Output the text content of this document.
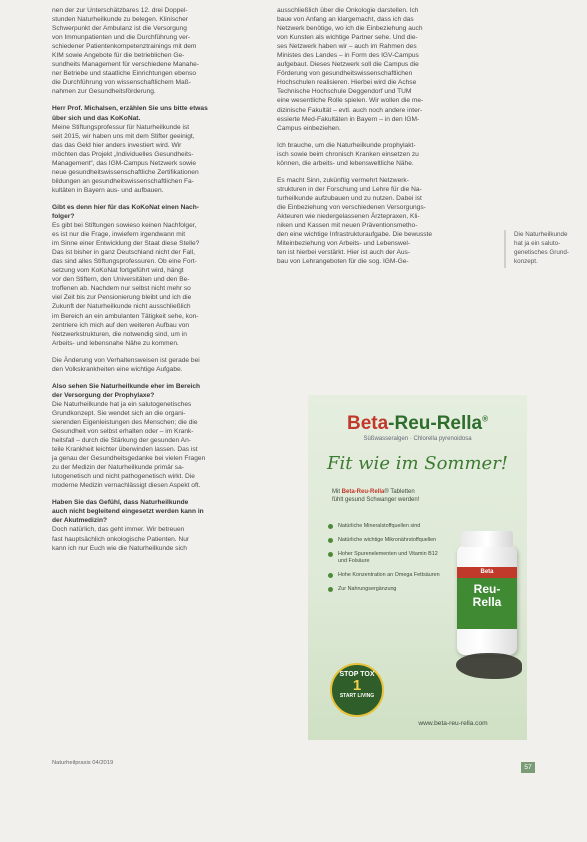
nen der zur Unterschätzbares 12. drei Doppel-
stunden Naturheilkunde zu belegen. Klinischer
Schwerpunkt der Ambulanz ist die Versorgung
von Immunpatienten und die Durchführung ver-
schiedener Patientenkompetenztrainings mit dem
KIM sowie Angebote für die betrieblichen Ge-
sundheits Management für verschiedene Manahe-
ner Betriebe und staatliche Einrichtungen ebenso
die Durchführung von wissenschaftlichem Maß-
nahmen zur Gesundheitsförderung.

Herr Prof. Michalsen, erzählen Sie uns bitte etwas
über sich und das KoKoNat.

Meine Stiftungsprofessur für Naturheilkunde ist
seit 2015, wir haben uns mit dem Stifter geeinigt,
das das Geld hier anders investiert wird. Wir
möchten das Projekt „Individuelles Gesundheits-
Management“, das IGM-Campus Netzwerk sowie
neue gesundheitswissenschaftliche Zertifikationen
bildungen an gesundheitswissenschaftlichen Fa-
kultäten in Bayern aus- und aufbauen.

Gibt es denn hier für das KoKoNat einen Nach-
folger?

Es gibt bei Stiftungen sowieso keinen Nachfolger,
es ist nur die Frage, inwiefern irgendwann mit
im Sinne einer Entwicklung der Staat diese Stelle?
Das ist bisher in ganz Deutschland nicht der Fall,
das sind alles Stiftungsprofessuren. Ob eine Fort-
setzung vom KoKoNat fortgeführt wird, hängt
vor den Stiftern, den Universitäten und den Be-
troffenen ab. Nachdem nur selbst nicht mehr so
viel Zeit bis zur Pensionierung bleibt und ich die
Zukunft der Naturheilkunde nicht ausschließlich
im Bereich an ein ambulanten Tätigkeit sehe, kon-
zentriere ich mich auf den weiteren Aufbau von
Netzwerkstrukturen, die notwendig sind, um in
Arbeits- und lebensnahe Nähe zu kommen.

Die Änderung von Verhaltensweisen ist gerade bei
den Volkskrankheiten eine wichtige Aufgabe.

Also sehen Sie Naturheilkunde eher im Bereich
der Versorgung der Prophylaxe?

Die Naturheilkunde hat ja ein salutogenetisches
Grundkonzept. Sie wendet sich an die organi-
sierenden Eigenleistungen des Menschen; die die
Gesundheit von selbst erhalten oder – im Krank-
heitsfall – durch die Stärkung der gesunden An-
teile Krankheit leichter überwinden lassen. Das ist
ja genau der Gesundheitsgedanke bei vielen Fragen
zu der Medizin der Naturheilkunde primär sa-
lutogenetisch und nicht pathogenetisch wirkt. Die
moderne Medizin vernachlässigt diesen Aspekt oft.

Haben Sie das Gefühl, dass Naturheilkunde
auch nicht begleitend eingesetzt werden kann in
der Akutmedizin?

Doch natürlich, das geht immer. Wir betreuen
fast hauptsächlich onkologische Patienten. Nur
kann ich nur Euch wie die Naturheilkunde sich

ausschließlich über die Onkologie darstellen. Ich
baue von Anfang an klargemacht, dass ich das
Netzwerk benötige, wo ich die Einbeziehung auch
von Kunsten als wichtige Partner sehe. Und die-
ses Netzwerk haben wir – auch im Rahmen des
Ministes des Landes – in Form des IGV-Campus
aufgebaut. Dieses Netzwerk soll die Campus die
Förderung von gesundheitswissenschaftlichen
Hochschulen realisieren. Hierbei wird die Achse
Technische Hochschule Deggendorf und TUM
eine wesentliche Rolle spielen. Wir wollen die me-
dizinische Fakultät – evtl. auch noch andere inter-
essierte Med-Fakultäten in Bayern – in den IGM-
Campus einbeziehen.

Ich brauche, um die Naturheilkunde prophylakt-
isch sowie beim chronisch Kranken einsetzen zu
können, die arbeits- und lebensweltliche Nähe.

Es macht Sinn, zukünftig vermehrt Netzwerk-
strukturen in der Forschung und Lehre für die Na-
turheilkunde aufzubauen und zu nutzen. Dabei ist
die Einbeziehung von verschiedenen Versorgungs-
Akteuren wie niedergelassenen Ärztepraxen, Kli-
niken und Kassen mit neuen Präventionsmetho-
den eine wichtige Infrastrukturaufgabe. Die bewusste
Miteinbeziehung von Arbeits- und Lebenswel-
ten ist hierbei verstärkt. Hier ist auch der Aus-
bau von Lehrangeboten für die sog. IGM-Ge-

Die Naturheilkunde
hat ja ein saluto-
genetisches Grund-
konzept.
Beta-Reu-Rella®
Süßwasseralgen · Chlorella pyrenoidosa
Fit wie im Sommer!
Mit Beta-Reu-Rella® Tabletten
fühlt gesund Schwanger werden!
Natürliche Mineralstoffquellen sind
Natürliche wichtige Mikronährstoffquellen
Hoher Spurenelementen und Vitamin B12 und Folsäure
Hohe Konzentration an Omega Fettsäuren
Zur Nahrungsergänzung
Beta
Reu-
Rella
STOP TOX
1
START LIVING
www.beta-reu-rella.com
Naturheilpraxis 04/2019
57
